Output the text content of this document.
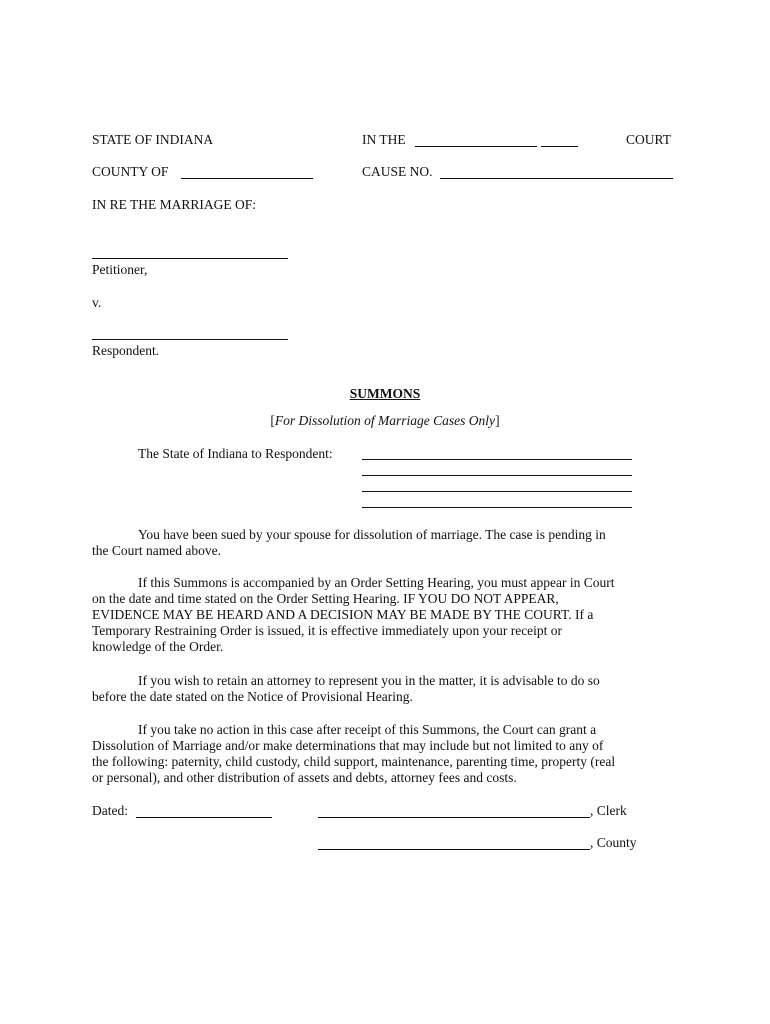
STATE OF INDIANA	IN THE	COURT
COUNTY OF	CAUSE NO.
IN RE THE MARRIAGE OF:
Petitioner,
v.
Respondent.
SUMMONS
[For Dissolution of Marriage Cases Only]
The State of Indiana to Respondent:
You have been sued by your spouse for dissolution of marriage. The case is pending in
the Court named above.
If this Summons is accompanied by an Order Setting Hearing, you must appear in Court
on the date and time stated on the Order Setting Hearing. IF YOU DO NOT APPEAR,
EVIDENCE MAY BE HEARD AND A DECISION MAY BE MADE BY THE COURT. If a
Temporary Restraining Order is issued, it is effective immediately upon your receipt or
knowledge of the Order.
If you wish to retain an attorney to represent you in the matter, it is advisable to do so
before the date stated on the Notice of Provisional Hearing.
If you take no action in this case after receipt of this Summons, the Court can grant a
Dissolution of Marriage and/or make determinations that may include but not limited to any of
the following: paternity, child custody, child support, maintenance, parenting time, property (real
or personal), and other distribution of assets and debts, attorney fees and costs.
Dated:	, Clerk
, County
